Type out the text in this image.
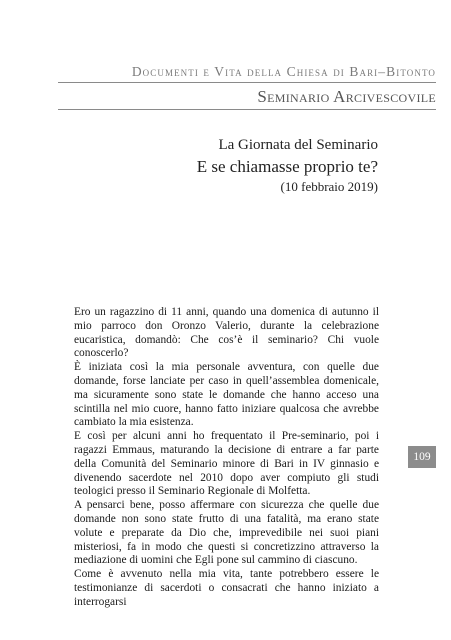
Documenti e Vita della Chiesa di Bari–Bitonto
Seminario Arcivescovile
La Giornata del Seminario
E se chiamasse proprio te?
(10 febbraio 2019)

Ero un ragazzino di 11 anni, quando una domenica di autunno il mio parroco don Oronzo Valerio, durante la celebrazione eucaristica, domandò: Che cos’è il seminario? Chi vuole conoscerlo?

È iniziata così la mia personale avventura, con quelle due domande, forse lanciate per caso in quell’assemblea domenicale, ma sicuramente sono state le domande che hanno acceso una scintilla nel mio cuore, hanno fatto iniziare qualcosa che avrebbe cambiato la mia esistenza.

E così per alcuni anni ho frequentato il Pre-seminario, poi i ragazzi Emmaus, maturando la decisione di entrare a far parte della Comunità del Seminario minore di Bari in IV ginnasio e divenendo sacerdote nel 2010 dopo aver compiuto gli studi teologici presso il Seminario Regionale di Molfetta.

A pensarci bene, posso affermare con sicurezza che quelle due domande non sono state frutto di una fatalità, ma erano state volute e preparate da Dio che, imprevedibile nei suoi piani misteriosi, fa in modo che questi si concretizzino attraverso la mediazione di uomini che Egli pone sul cammino di ciascuno.

Come è avvenuto nella mia vita, tante potrebbero essere le testimonianze di sacerdoti o consacrati che hanno iniziato a interrogarsi

109
